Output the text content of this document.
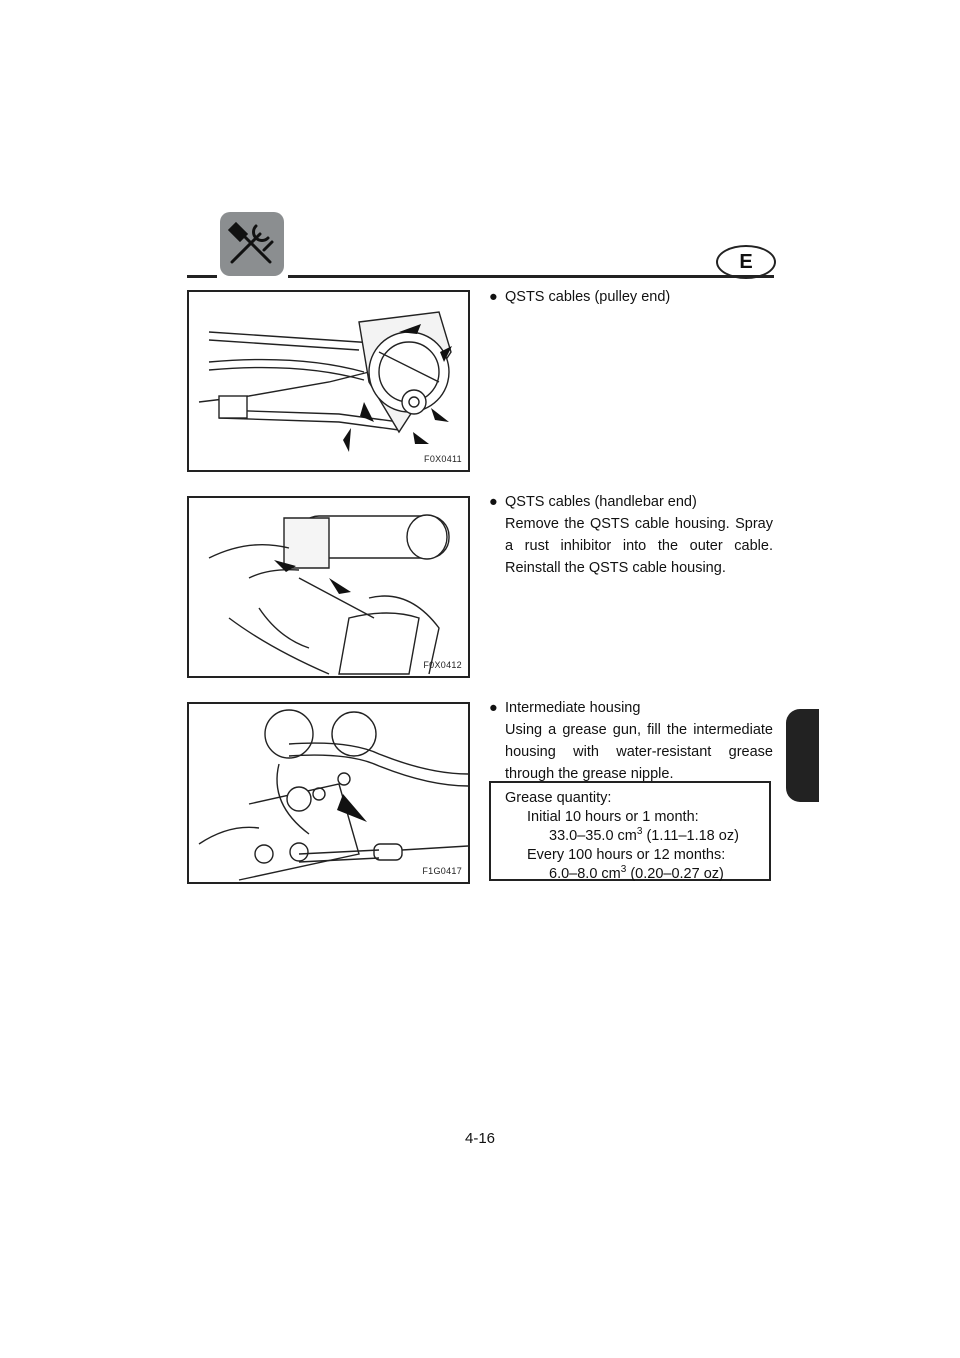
E
F0X0411
F0X0412
F1G0417
● QSTS cables (pulley end)
● QSTS cables (handlebar end)
Remove the QSTS cable housing. Spray a rust inhibitor into the outer cable. Reinstall the QSTS cable housing.
● Intermediate housing
Using a grease gun, fill the intermediate housing with water-resistant grease through the grease nipple.
Grease quantity:
Initial 10 hours or 1 month:
33.0–35.0 $cm^3$ (1.11–1.18 oz)
Every 100 hours or 12 months:
6.0–8.0 $cm^3$ (0.20–0.27 oz)
4-16
